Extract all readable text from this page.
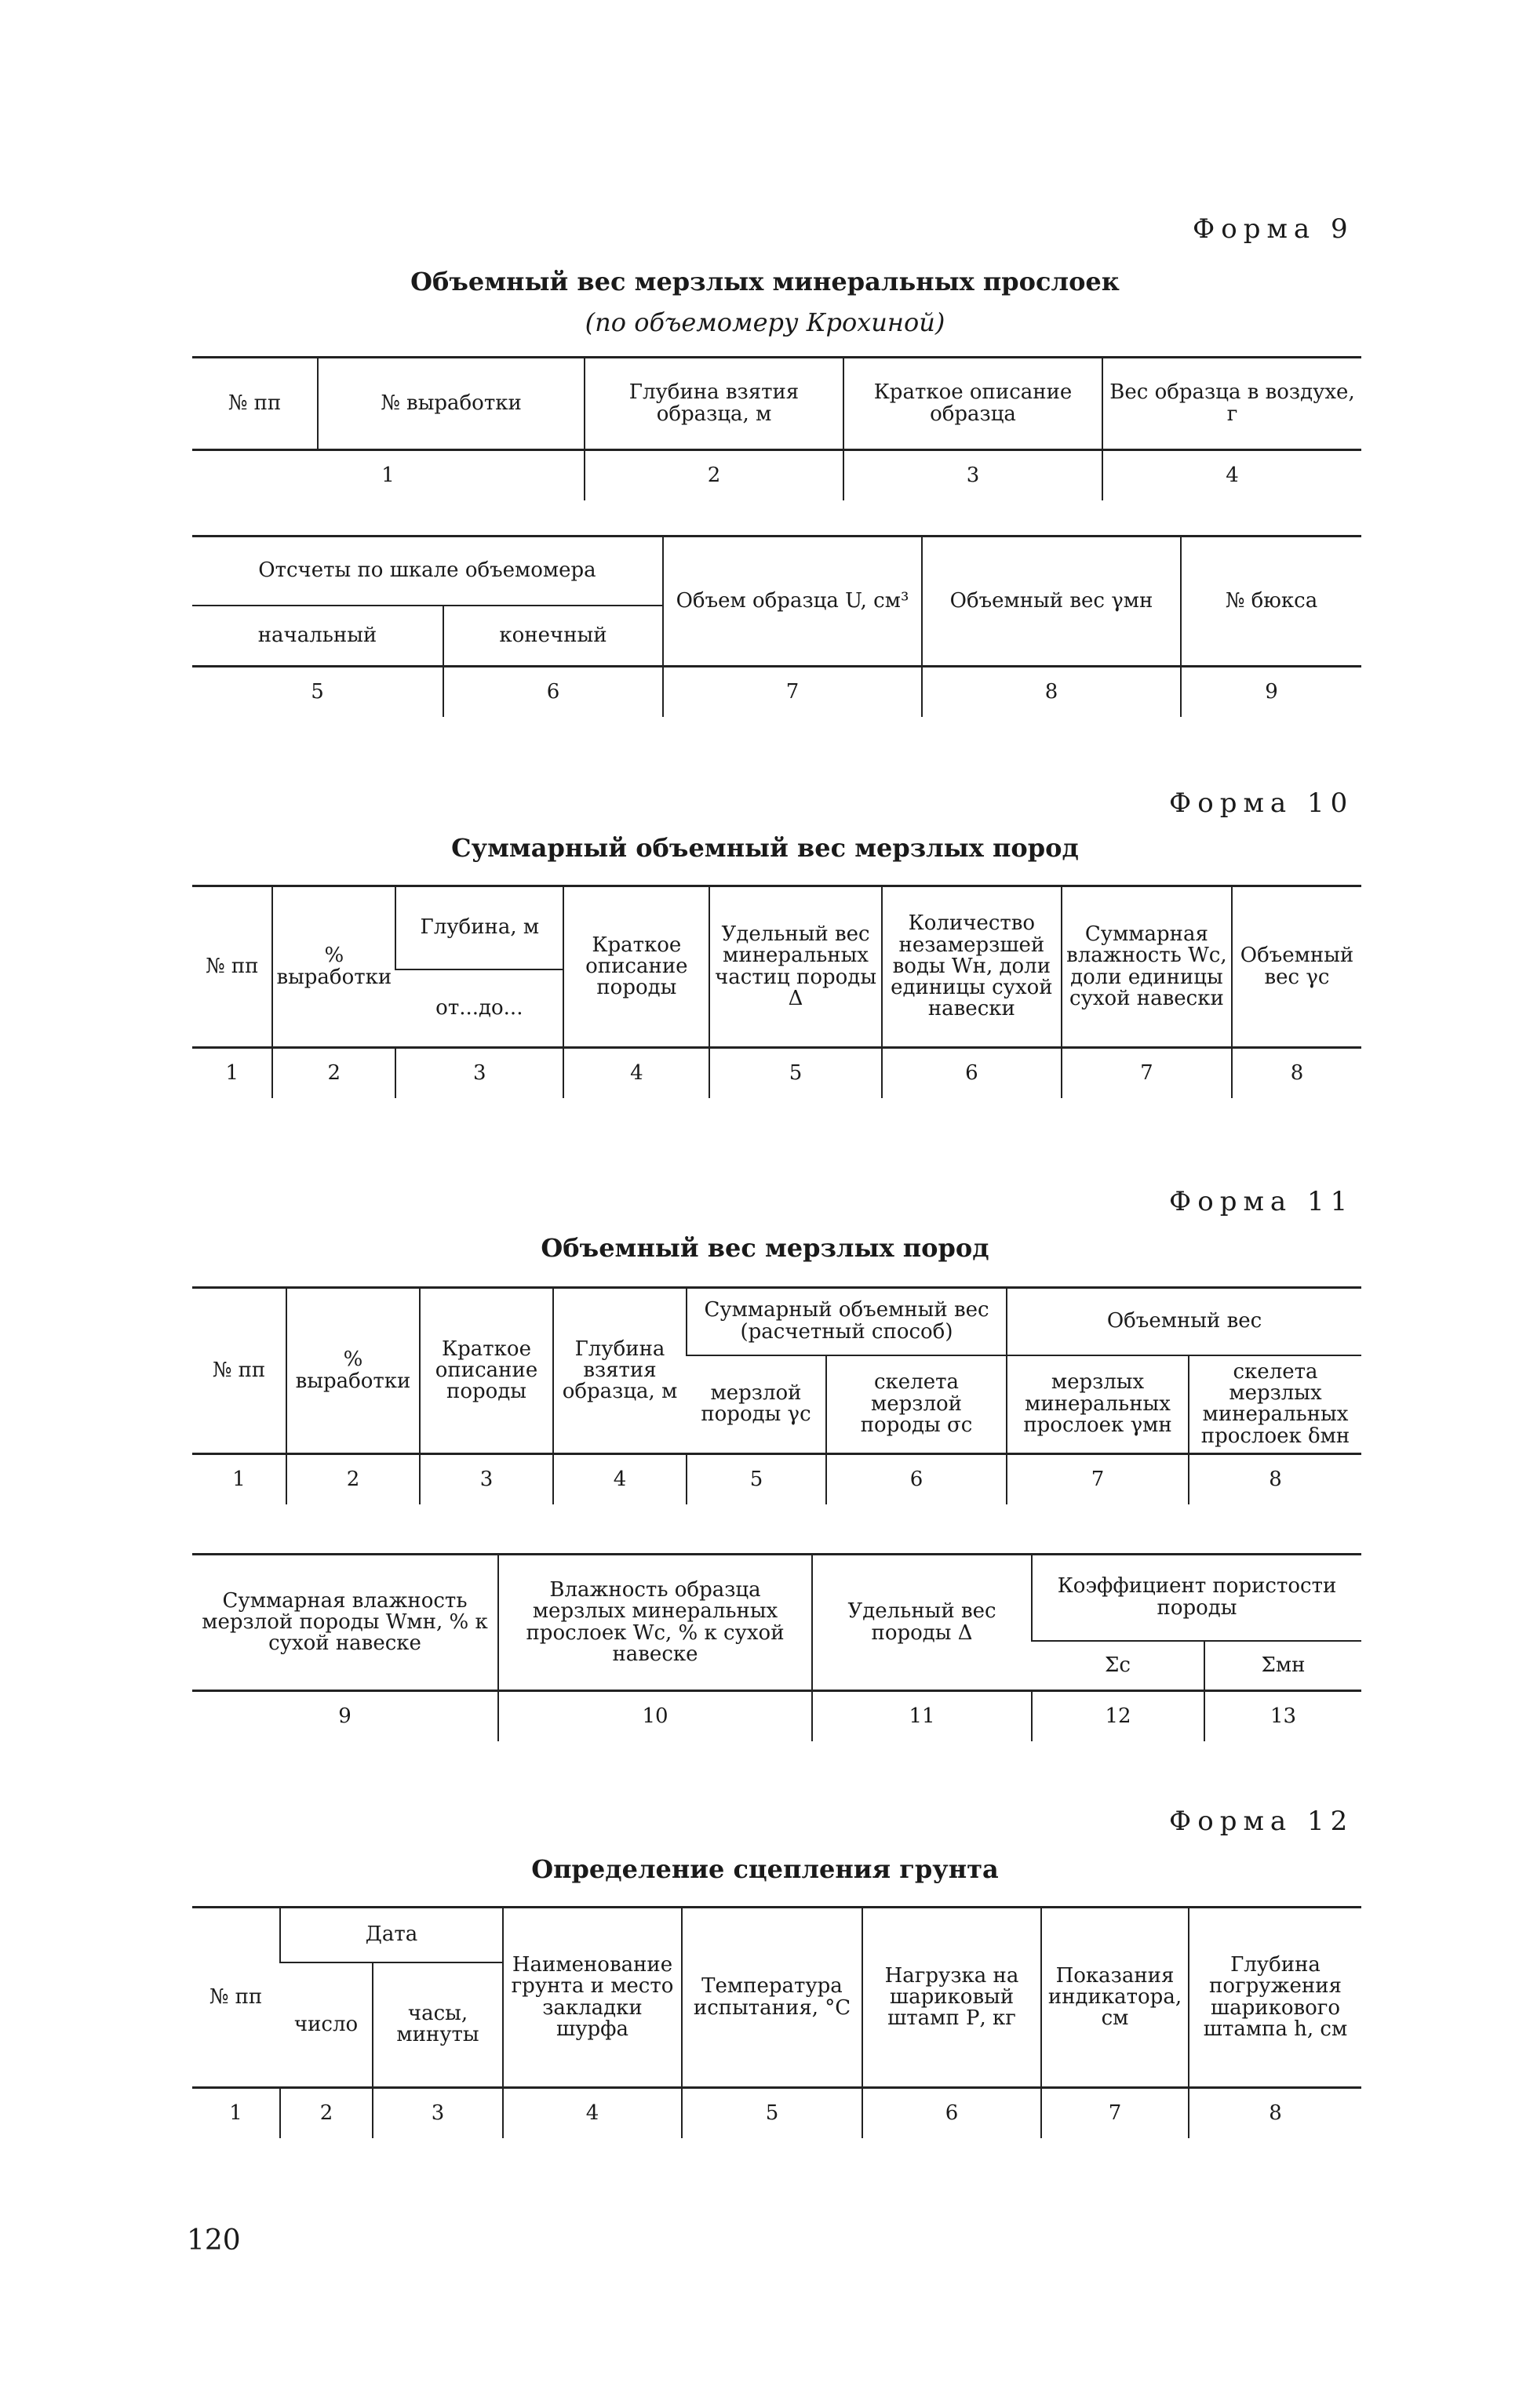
Форма 9
Объемный вес мерзлых минеральных прослоек
(по объемомеру Крохиной)
№ пп	№ выработки	Глубина взятия образца, м	Краткое описание образца	Вес образца в воздухе, г
1		2	3	4
Отсчеты по шкале объемомера		Объем образца U, см³	Объемный вес γмн	№ бюкса
начальный	конечный			
5	6	7	8	9
Форма 10
Суммарный объемный вес мерзлых пород
№ пп	% выработки	Глубина, м	Краткое описание породы	Удельный вес минеральных частиц породы Δ	Количество незамерзшей воды Wн, доли единицы сухой навески	Суммарная влажность Wс, доли единицы сухой навески	Объемный вес γс
		от...до...					
1	2	3	4	5	6	7	8
Форма 11
Объемный вес мерзлых пород
№ пп	% выработки	Краткое описание породы	Глубина взятия образца, м	Суммарный объемный вес (расчетный способ)		Объемный вес	
				мерзлой породы γс	скелета мерзлой породы σс	мерзлых минеральных прослоек γмн	скелета мерзлых минеральных прослоек δмн
1	2	3	4	5	6	7	8
Суммарная влажность мерзлой породы Wмн, % к сухой навеске	Влажность образца мерзлых минеральных прослоек Wс, % к сухой навеске	Удельный вес породы Δ	Коэффициент пористости породы	
			Σс	Σмн
9	10	11	12	13
Форма 12
Определение сцепления грунта
№ пп	Дата		Наименование грунта и место закладки шурфа	Температура испытания, °С	Нагрузка на шариковый штамп Р, кг	Показания индикатора, см	Глубина погружения шарикового штампа h, см
	число	часы, минуты					
1	2	3	4	5	6	7	8
120
